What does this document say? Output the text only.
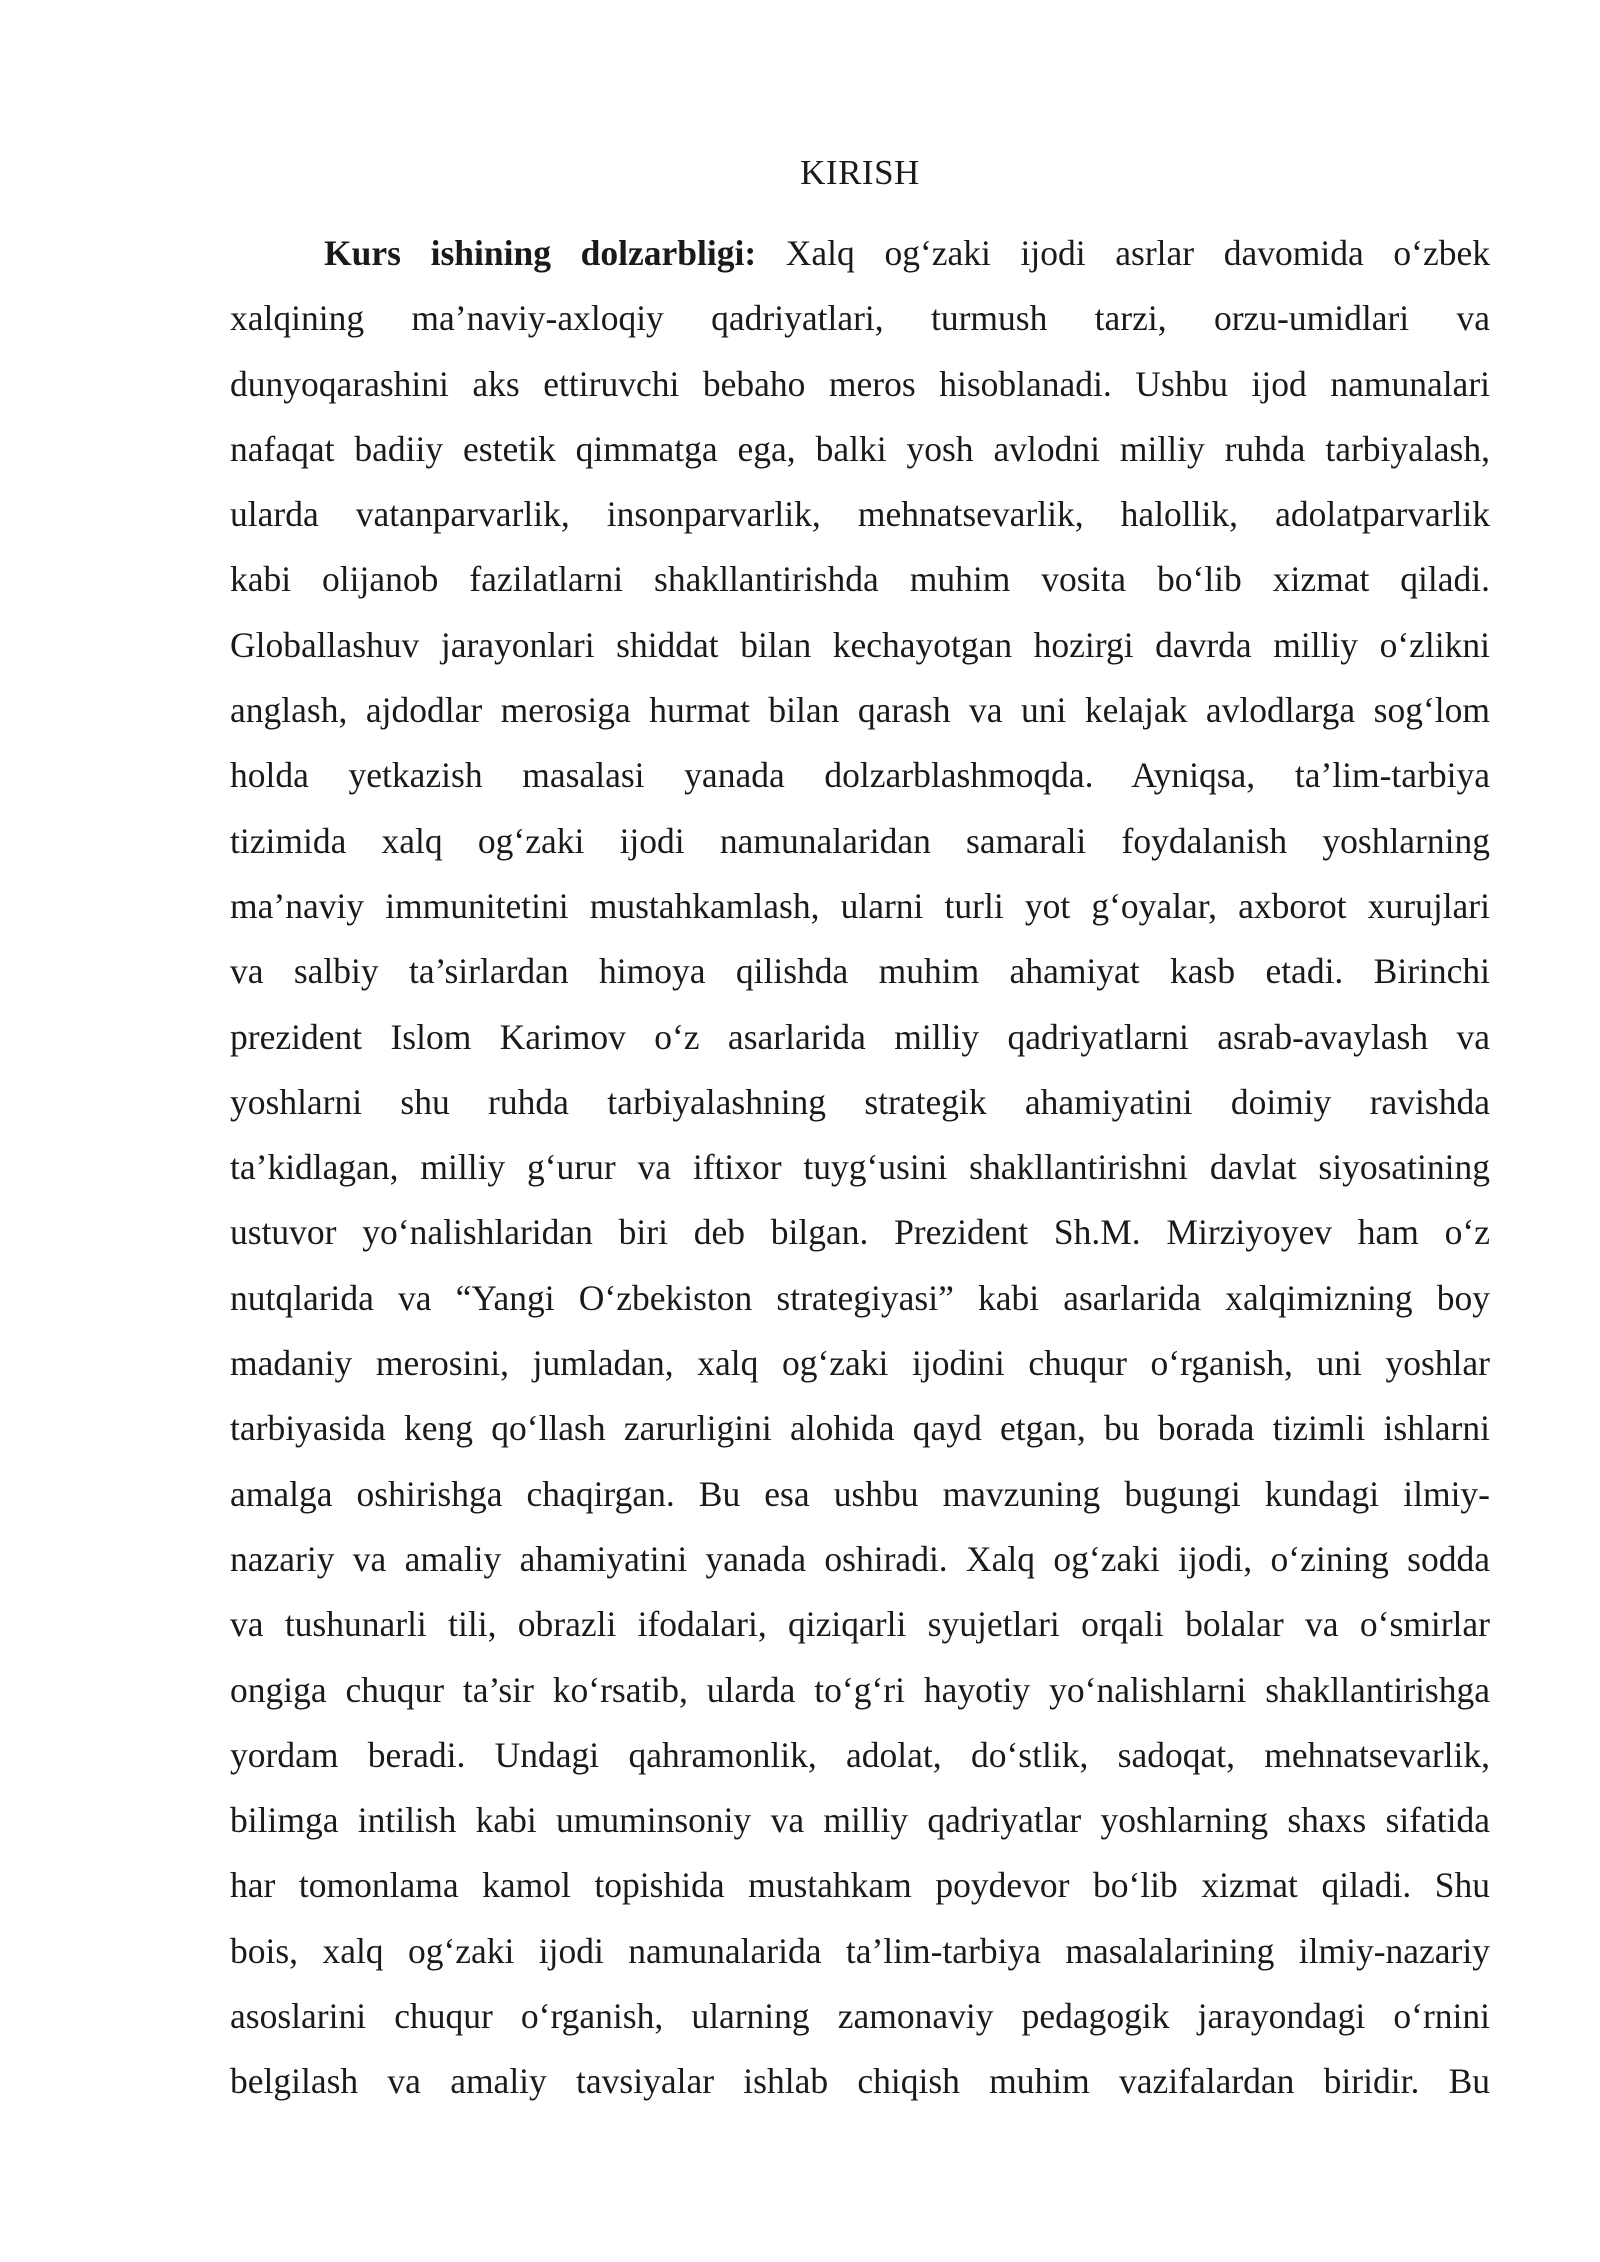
KIRISH
Kurs ishining dolzarbligi: Xalq og‘zaki ijodi asrlar davomida o‘zbek
xalqining ma’naviy-axloqiy qadriyatlari, turmush tarzi, orzu-umidlari va
dunyoqarashini aks ettiruvchi bebaho meros hisoblanadi. Ushbu ijod namunalari
nafaqat badiiy estetik qimmatga ega, balki yosh avlodni milliy ruhda tarbiyalash,
ularda vatanparvarlik, insonparvarlik, mehnatsevarlik, halollik, adolatparvarlik
kabi olijanob fazilatlarni shakllantirishda muhim vosita bo‘lib xizmat qiladi.
Globallashuv jarayonlari shiddat bilan kechayotgan hozirgi davrda milliy o‘zlikni
anglash, ajdodlar merosiga hurmat bilan qarash va uni kelajak avlodlarga sog‘lom
holda yetkazish masalasi yanada dolzarblashmoqda. Ayniqsa, ta’lim-tarbiya
tizimida xalq og‘zaki ijodi namunalaridan samarali foydalanish yoshlarning
ma’naviy immunitetini mustahkamlash, ularni turli yot g‘oyalar, axborot xurujlari
va salbiy ta’sirlardan himoya qilishda muhim ahamiyat kasb etadi. Birinchi
prezident Islom Karimov o‘z asarlarida milliy qadriyatlarni asrab-avaylash va
yoshlarni shu ruhda tarbiyalashning strategik ahamiyatini doimiy ravishda
ta’kidlagan, milliy g‘urur va iftixor tuyg‘usini shakllantirishni davlat siyosatining
ustuvor yo‘nalishlaridan biri deb bilgan. Prezident Sh.M. Mirziyoyev ham o‘z
nutqlarida va “Yangi O‘zbekiston strategiyasi” kabi asarlarida xalqimizning boy
madaniy merosini, jumladan, xalq og‘zaki ijodini chuqur o‘rganish, uni yoshlar
tarbiyasida keng qo‘llash zarurligini alohida qayd etgan, bu borada tizimli ishlarni
amalga oshirishga chaqirgan. Bu esa ushbu mavzuning bugungi kundagi ilmiy-
nazariy va amaliy ahamiyatini yanada oshiradi. Xalq og‘zaki ijodi, o‘zining sodda
va tushunarli tili, obrazli ifodalari, qiziqarli syujetlari orqali bolalar va o‘smirlar
ongiga chuqur ta’sir ko‘rsatib, ularda to‘g‘ri hayotiy yo‘nalishlarni shakllantirishga
yordam beradi. Undagi qahramonlik, adolat, do‘stlik, sadoqat, mehnatsevarlik,
bilimga intilish kabi umuminsoniy va milliy qadriyatlar yoshlarning shaxs sifatida
har tomonlama kamol topishida mustahkam poydevor bo‘lib xizmat qiladi. Shu
bois, xalq og‘zaki ijodi namunalarida ta’lim-tarbiya masalalarining ilmiy-nazariy
asoslarini chuqur o‘rganish, ularning zamonaviy pedagogik jarayondagi o‘rnini
belgilash va amaliy tavsiyalar ishlab chiqish muhim vazifalardan biridir. Bu
